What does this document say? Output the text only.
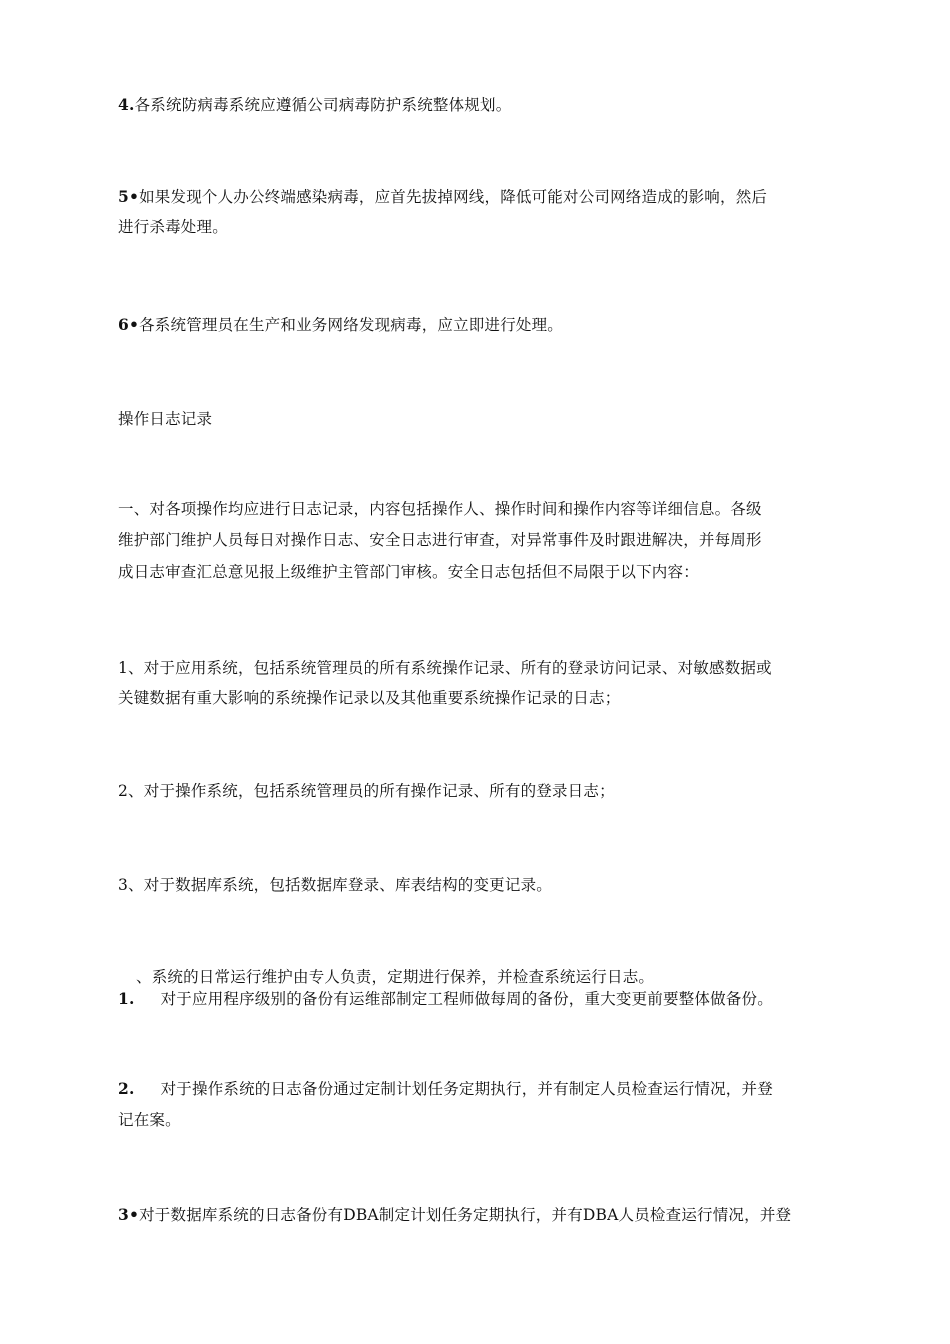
4.各系统防病毒系统应遵循公司病毒防护系统整体规划。
5•如果发现个人办公终端感染病毒，应首先拔掉网线，降低可能对公司网络造成的影响，然后
进行杀毒处理。
6•各系统管理员在生产和业务网络发现病毒，应立即进行处理。
操作日志记录
一、对各项操作均应进行日志记录，内容包括操作人、操作时间和操作内容等详细信息。各级
维护部门维护人员每日对操作日志、安全日志进行审查，对异常事件及时跟进解决，并每周形
成日志审查汇总意见报上级维护主管部门审核。安全日志包括但不局限于以下内容：
1、对于应用系统，包括系统管理员的所有系统操作记录、所有的登录访问记录、对敏感数据或
关键数据有重大影响的系统操作记录以及其他重要系统操作记录的日志；
2、对于操作系统，包括系统管理员的所有操作记录、所有的登录日志；
3、对于数据库系统，包括数据库登录、库表结构的变更记录。
、系统的日常运行维护由专人负责，定期进行保养，并检查系统运行日志。
1. 对于应用程序级别的备份有运维部制定工程师做每周的备份，重大变更前要整体做备份。
2. 对于操作系统的日志备份通过定制计划任务定期执行，并有制定人员检查运行情况，并登
记在案。
3•对于数据库系统的日志备份有DBA制定计划任务定期执行，并有DBA人员检查运行情况，并登
